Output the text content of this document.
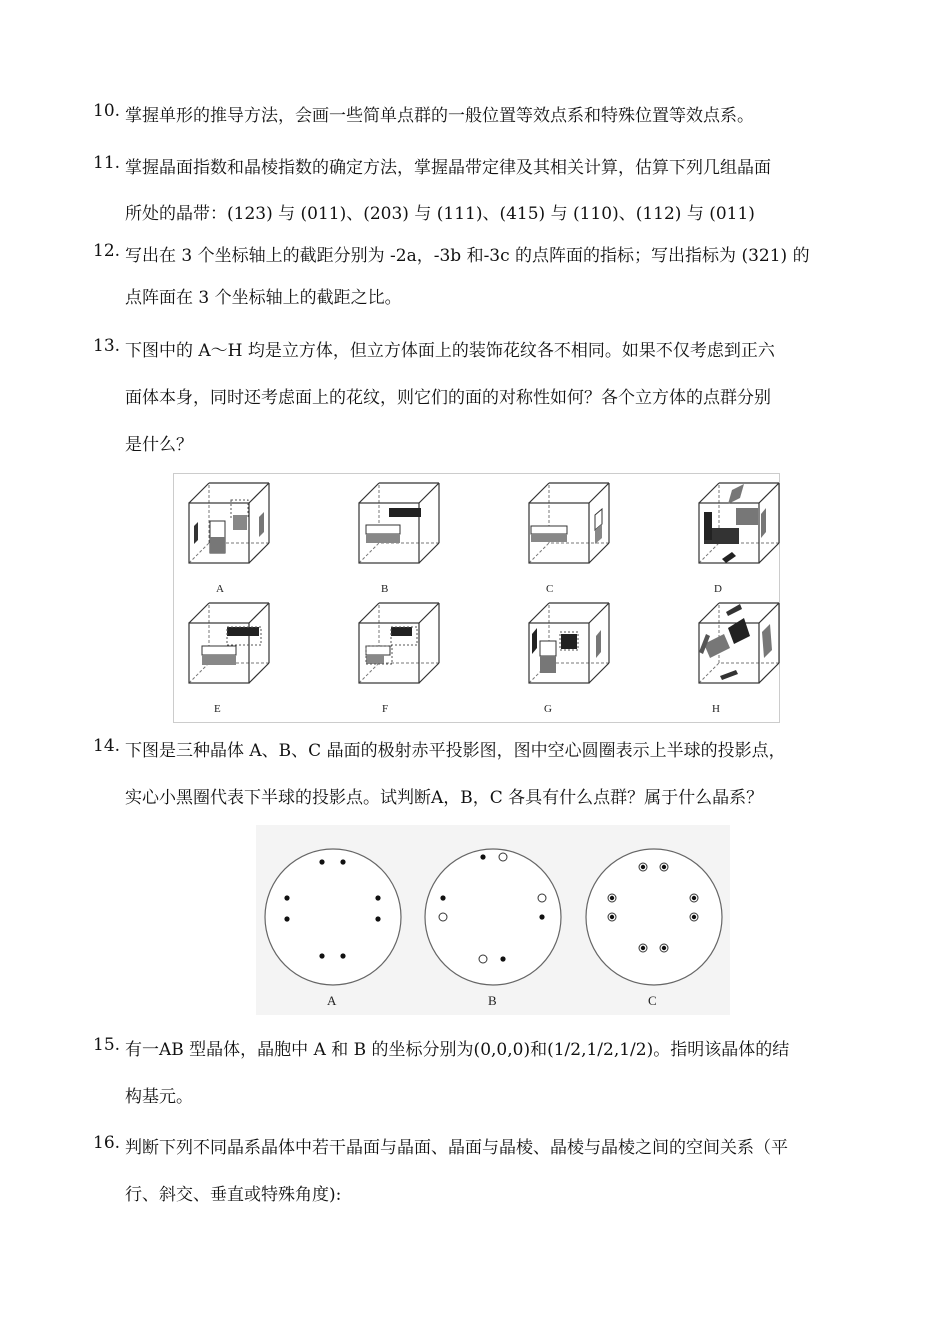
10. 掌握单形的推导方法，会画一些简单点群的一般位置等效点系和特殊位置等效点系。
11. 掌握晶面指数和晶棱指数的确定方法，掌握晶带定律及其相关计算，估算下列几组晶面
所处的晶带：(123) 与 (011)、(203) 与 (111)、(415) 与 (110)、(112) 与 (011)
12. 写出在 3 个坐标轴上的截距分别为 -2a，-3b 和-3c 的点阵面的指标；写出指标为 (321) 的
点阵面在 3 个坐标轴上的截距之比。
13. 下图中的 A～H 均是立方体，但立方体面上的装饰花纹各不相同。如果不仅考虑到正六
面体本身，同时还考虑面上的花纹，则它们的面的对称性如何？各个立方体的点群分别
是什么？
A	B	C	D
E	F	G	H
14. 下图是三种晶体 A、B、C 晶面的极射赤平投影图，图中空心圆圈表示上半球的投影点，
实心小黑圈代表下半球的投影点。试判断A，B，C 各具有什么点群？属于什么晶系？
A	B	C
15. 有一AB 型晶体，晶胞中 A 和 B 的坐标分别为(0,0,0)和(1/2,1/2,1/2)。指明该晶体的结
构基元。
16. 判断下列不同晶系晶体中若干晶面与晶面、晶面与晶棱、晶棱与晶棱之间的空间关系（平
行、斜交、垂直或特殊角度):
